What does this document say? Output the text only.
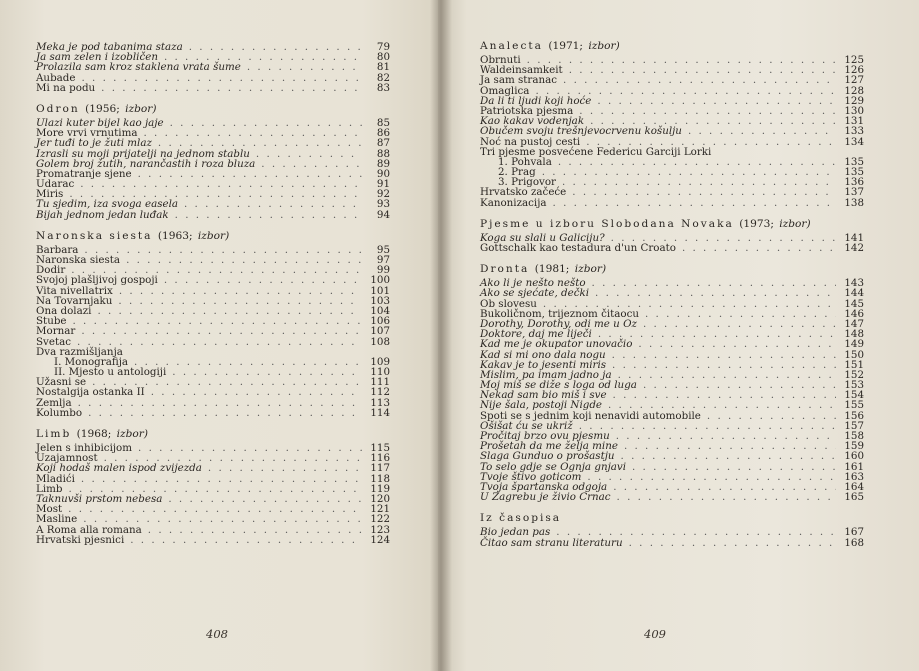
Meka je pod tabanima staza . . .	79
Ja sam zelen i izobličen . . .	80
Prolazila sam kroz staklena vrata šume . . .	81
Aubade . . .	82
Mi na podu . . .	83
Odron (1956; izbor)
Ulazi kuter bijel kao jaje . . .	85
More vrvi vrnutima . . .	86
Jer tuđi to je žuti mlaz . . .	87
Izrasli su moji prijatelji na jednom stablu . . .	88
Golem broj žutih, narančastih i roza bluza . . .	89
Promatranje sjene . . .	90
Udarac . . .	91
Miris . . .	92
Tu sjedim, iza svoga easela . . .	93
Bijah jednom jedan luđak . . .	94
Naronska siesta (1963; izbor)
Barbara . . .	95
Naronska siesta . . .	97
Dodir . . .	99
Svojoj plašljivoj gospoji . . .	100
Vita nivellatrix . . .	101
Na Tovarnjaku . . .	103
Ona dolazi . . .	104
Stube . . .	106
Mornar . . .	107
Svetac . . .	108
Dva razmišljanja
I. Monografija . . .	109
II. Mjesto u antologiji . . .	110
Užasni se . . .	111
Nostalgija ostanka II . . .	112
Zemlja . . .	113
Kolumbo . . .	114
Limb (1968; izbor)
Jelen s inhibicijom . . .	115
Uzajamnost . . .	116
Koji hodaš malen ispod zvijezda . . .	117
Mladići . . .	118
Limb . . .	119
Taknuvši prstom nebesa . . .	120
Most . . .	121
Masline . . .	122
A Roma alla romana . . .	123
Hrvatski pjesnici . . .	124
408
Analecta (1971; izbor)
Obrnuti . . .	125
Waldeinsamkeit . . .	126
Ja sam stranac . . .	127
Omaglica . . .	128
Da li ti ljudi koji hoće . . .	129
Patriotska pjesma . . .	130
Kao kakav vodenjak . . .	131
Obučem svoju trešnjevocrvenu košulju . . .	133
Noć na pustoj cesti . . .	134
Tri pjesme posvećene Federicu Garciji Lorki
1. Pohvala . . .	135
2. Prag . . .	135
3. Prigovor . . .	136
Hrvatsko začeće . . .	137
Kanonizacija . . .	138
Pjesme u izboru Slobodana Novaka (1973; izbor)
Koga su slali u Galiciju? . . .	141
Gottschalk kao testadura d'un Croato . . .	142
Dronta (1981; izbor)
Ako li je nešto nešto . . .	143
Ako se sjećate, dečki . . .	144
Ob slovesu . . .	145
Bukoličnom, trijeznom čitaocu . . .	146
Dorothy, Dorothy, odi me u Oz . . .	147
Doktore, daj me liječi . . .	148
Kad me je okupator unovačio . . .	149
Kad si mi ono dala nogu . . .	150
Kakav je to jesenti miris . . .	151
Mislim, pa imam jadno ja . . .	152
Moj miš se diže s loga od luga . . .	153
Nekad sam bio miš i sve . . .	154
Nije šala, postoji Nigde . . .	155
Spoti se s jednim koji nenavidi automobile . . .	156
Ošišat ću se ukriž . . .	157
Pročitaj brzo ovu pjesmu . . .	158
Prošetah da me želja mine . . .	159
Slaga Gunduo o prošastju . . .	160
To selo gdje se Ognja gnjavi . . .	161
Tvoje štivo goticom . . .	163
Tvoja špartanska odgoja . . .	164
U Zagrebu je živio Crnac . . .	165
Iz časopisa
Bio jedan pas . . .	167
Čitao sam stranu literaturu . . .	168
409
